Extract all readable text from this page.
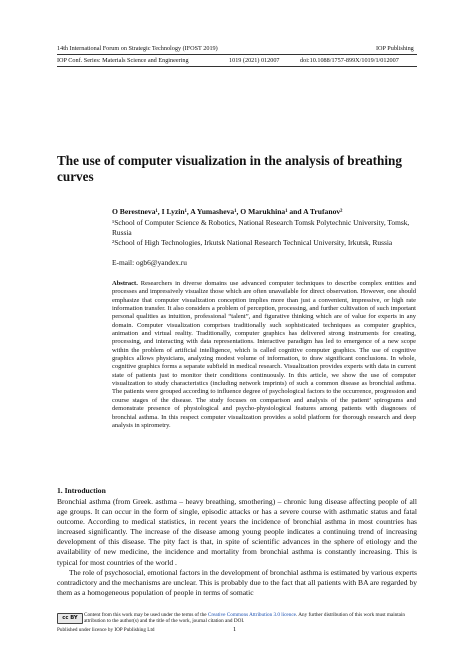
14th International Forum on Strategic Technology (IFOST 2019)	IOP Publishing
IOP Conf. Series: Materials Science and Engineering	1019 (2021) 012007	doi:10.1088/1757-899X/1019/1/012007
The use of computer visualization in the analysis of breathing curves
O Berestneva¹, I Lyzin¹, A Yumasheva¹, O Marukhina¹ and A Trufanov²
¹School of Computer Science & Robotics, National Research Tomsk Polytechnic University, Tomsk, Russia
²School of High Technologies, Irkutsk National Research Technical University, Irkutsk, Russia
E-mail: ogb6@yandex.ru
Abstract. Researchers in diverse domains use advanced computer techniques to describe complex entities and processes and impressively visualize those which are often unavailable for direct observation. However, one should emphasize that computer visualization conception implies more than just a convenient, impressive, or high rate information transfer. It also considers a problem of perception, processing, and further cultivation of such important personal qualities as intuition, professional “talent”, and figurative thinking which are of value for experts in any domain. Computer visualization comprises traditionally such sophisticated techniques as computer graphics, animation and virtual reality. Traditionally, computer graphics has delivered strong instruments for creating, processing, and interacting with data representations. Interactive paradigm has led to emergence of a new scope within the problem of artificial intelligence, which is called cognitive computer graphics. The use of cognitive graphics allows physicians, analyzing modest volume of information, to draw significant conclusions. In whole, cognitive graphics forms a separate subfield in medical research. Visualization provides experts with data in current state of patients just to monitor their conditions continuously. In this article, we show the use of computer visualization to study characteristics (including network imprints) of such a common disease as bronchial asthma. The patients were grouped according to influence degree of psychological factors to the occurrence, progression and course stages of the disease. The study focuses on comparison and analysis of the patient’ spirograms and demonstrate presence of physiological and psycho-physiological features among patients with diagnoses of bronchial asthma. In this respect computer visualization provides a solid platform for thorough research and deep analysis in spirometry.
1. Introduction

Bronchial asthma (from Greek. asthma – heavy breathing, smothering) – chronic lung disease affecting people of all age groups. It can occur in the form of single, episodic attacks or has a severe course with asthmatic status and fatal outcome. According to medical statistics, in recent years the incidence of bronchial asthma in most countries has increased significantly. The increase of the disease among young people indicates a continuing trend of increasing development of this disease. The pity fact is that, in spite of scientific advances in the sphere of etiology and the availability of new medicine, the incidence and mortality from bronchial asthma is constantly increasing. This is typical for most countries of the world .

The role of psychosocial, emotional factors in the development of bronchial asthma is estimated by various experts contradictory and the mechanisms are unclear. This is probably due to the fact that all patients with BA are regarded by them as a homogeneous population of people in terms of somatic

cc BY	Content from this work may be used under the terms of the Creative Commons Attribution 3.0 licence. Any further distribution of this work must maintain attribution to the author(s) and the title of the work, journal citation and DOI.
Published under licence by IOP Publishing Ltd	1
